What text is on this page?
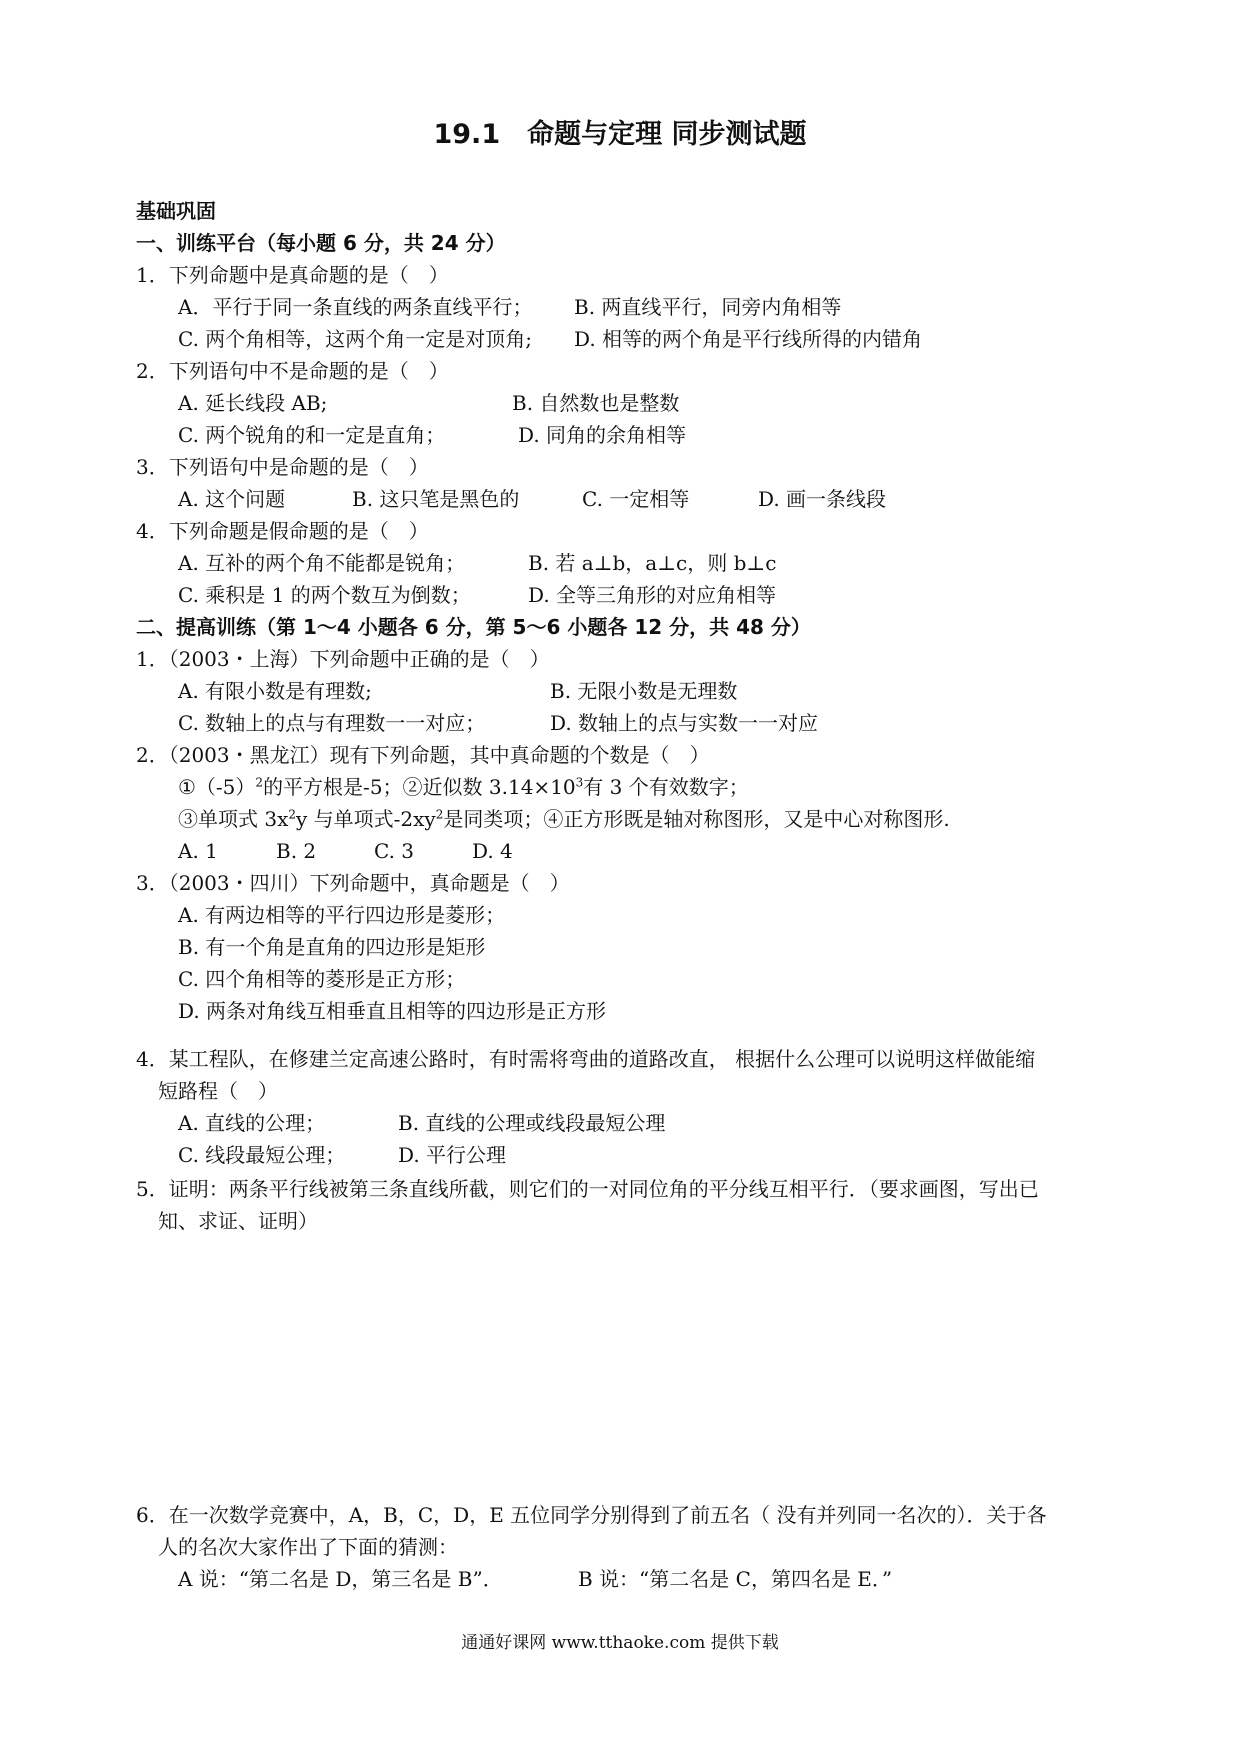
19.1　命题与定理 同步测试题
基础巩固
一、训练平台（每小题 6 分，共 24 分）
1．下列命题中是真命题的是（　）
A．平行于同一条直线的两条直线平行； B. 两直线平行，同旁内角相等
C. 两个角相等，这两个角一定是对顶角; D. 相等的两个角是平行线所得的内错角
2．下列语句中不是命题的是（　）
A. 延长线段 AB;	B. 自然数也是整数
C. 两个锐角的和一定是直角；	D. 同角的余角相等
3．下列语句中是命题的是（　）
A. 这个问题	B. 这只笔是黑色的	C. 一定相等	D. 画一条线段
4．下列命题是假命题的是（　）
A. 互补的两个角不能都是锐角；	B. 若 a⊥b，a⊥c，则 b⊥c
C. 乘积是 1 的两个数互为倒数；	D. 全等三角形的对应角相等
二、提高训练（第 1～4 小题各 6 分，第 5～6 小题各 12 分，共 48 分）
1．（2003・上海）下列命题中正确的是（　）
A. 有限小数是有理数;	B. 无限小数是无理数
C. 数轴上的点与有理数一一对应；	D. 数轴上的点与实数一一对应
2．（2003・黑龙江）现有下列命题，其中真命题的个数是（　）
$①(-5)^2$的平方根是-5；②近似数 $3.14\times 10^3$有 3 个有效数字；
③单项式 $3x^2y$ 与单项式$-2xy^2$是同类项；④正方形既是轴对称图形，又是中心对称图形.
A. 1	B. 2	C. 3	D. 4
3．（2003・四川）下列命题中，真命题是（　）
A. 有两边相等的平行四边形是菱形；
B. 有一个角是直角的四边形是矩形
C. 四个角相等的菱形是正方形；
D. 两条对角线互相垂直且相等的四边形是正方形
4．某工程队，在修建兰定高速公路时，有时需将弯曲的道路改直， 根据什么公理可以说明这样做能缩
短路程（　）
A. 直线的公理；	B. 直线的公理或线段最短公理
C. 线段最短公理；	D. 平行公理
5．证明：两条平行线被第三条直线所截，则它们的一对同位角的平分线互相平行．（要求画图，写出已
知、求证、证明）
6．在一次数学竞赛中，A，B，C，D，E 五位同学分别得到了前五名（ 没有并列同一名次的）．关于各
人的名次大家作出了下面的猜测：
A 说：“第二名是 D，第三名是 B”．	B 说：“第二名是 C，第四名是 E．”
通通好课网 www.tthaoke.com 提供下载
